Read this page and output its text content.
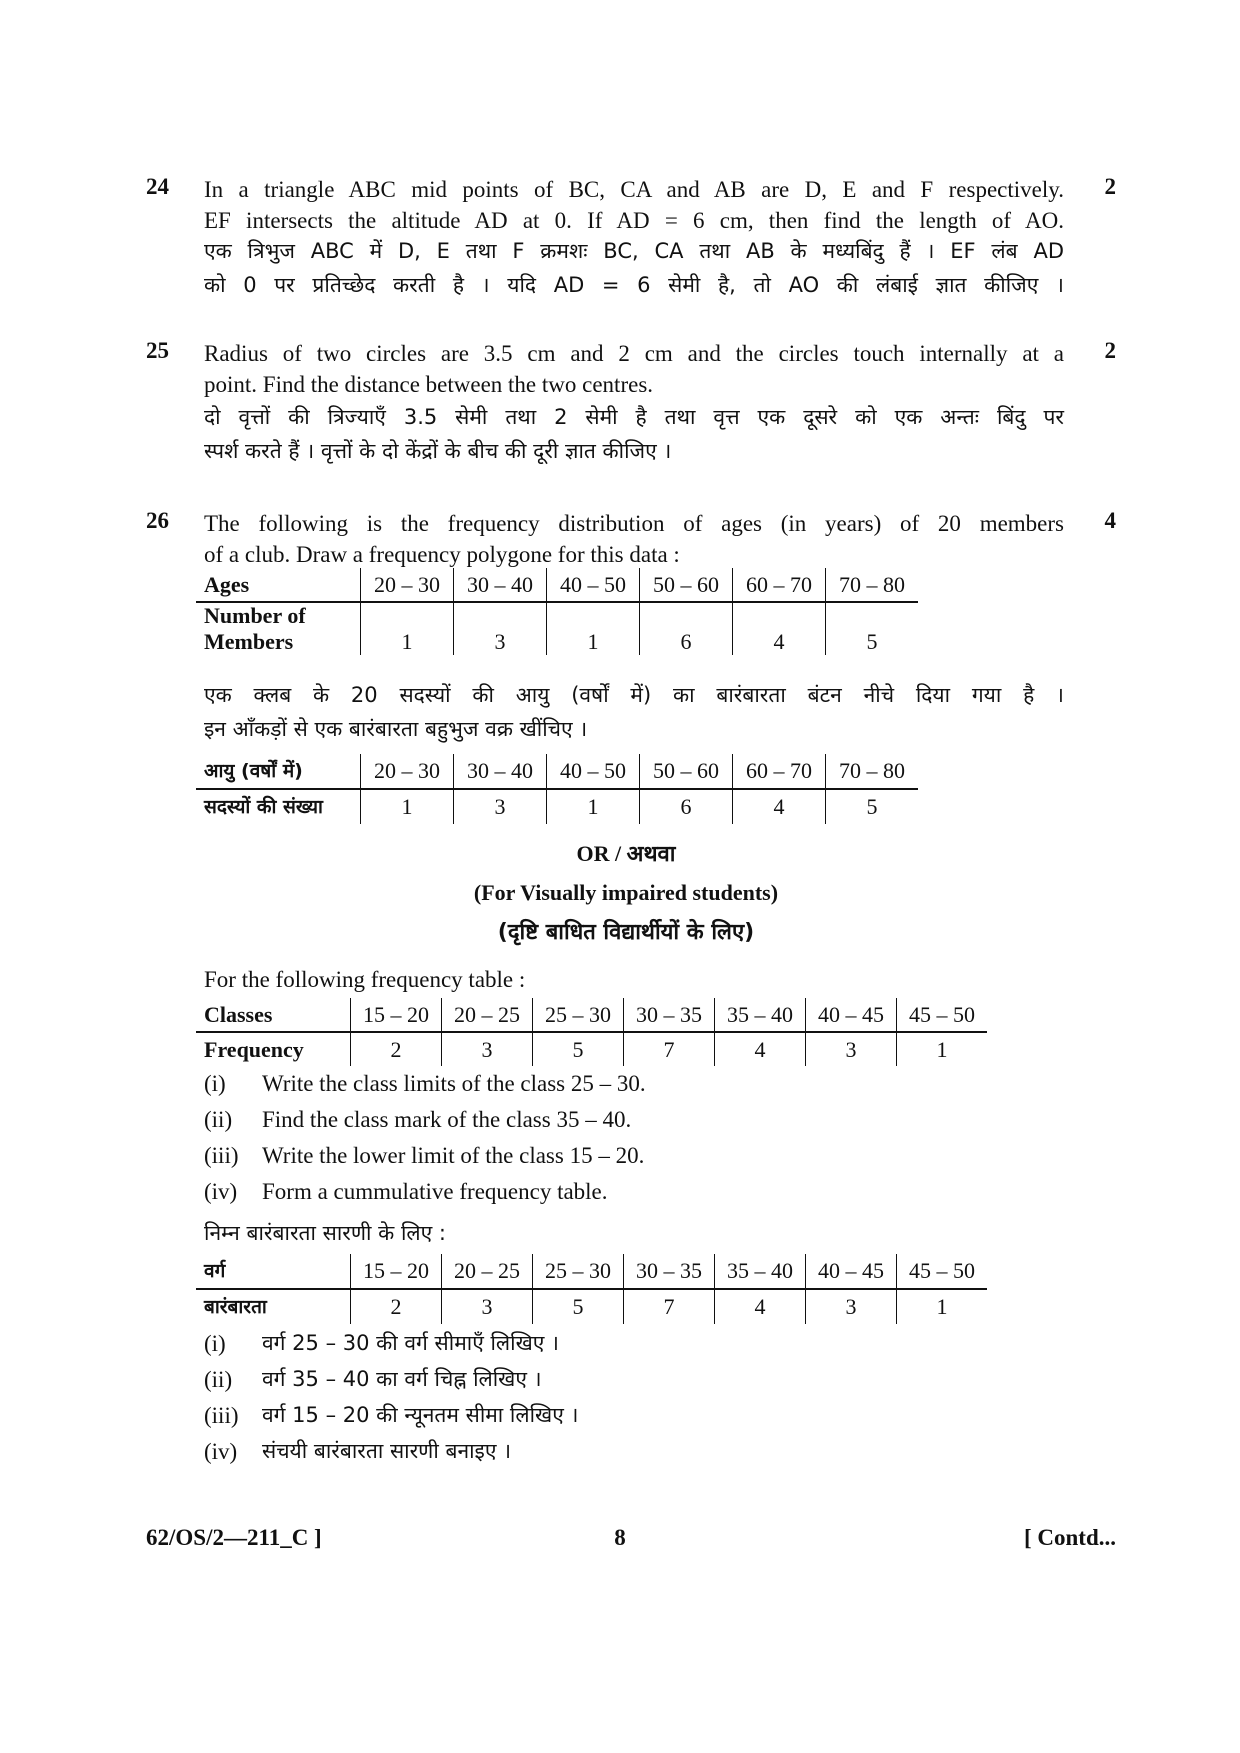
24	2
In a triangle ABC mid points of BC, CA and AB are D, E and F respectively.
EF intersects the altitude AD at 0. If AD = 6 cm, then find the length of AO.
एक त्रिभुज ABC में D, E तथा F क्रमशः BC, CA तथा AB के मध्यबिंदु हैं । EF लंब AD
को 0 पर प्रतिच्छेद करती है । यदि AD = 6 सेमी है, तो AO की लंबाई ज्ञात कीजिए ।
25	2
Radius of two circles are 3.5 cm and 2 cm and the circles touch internally at a
point. Find the distance between the two centres.
दो वृत्तों की त्रिज्याएँ 3.5 सेमी तथा 2 सेमी है तथा वृत्त एक दूसरे को एक अन्तः बिंदु पर
स्पर्श करते हैं । वृत्तों के दो केंद्रों के बीच की दूरी ज्ञात कीजिए ।
26	4
The following is the frequency distribution of ages (in years) of 20 members
of a club. Draw a frequency polygone for this data :
Ages	20 – 30	30 – 40	40 – 50	50 – 60	60 – 70	70 – 80
Number of
Members	1	3	1	6	4	5
एक क्लब के 20 सदस्यों की आयु (वर्षों में) का बारंबारता बंटन नीचे दिया गया है ।
इन आँकड़ों से एक बारंबारता बहुभुज वक्र खींचिए ।
आयु (वर्षों में)	20 – 30	30 – 40	40 – 50	50 – 60	60 – 70	70 – 80
सदस्यों की संख्या	1	3	1	6	4	5
OR / अथवा
(For Visually impaired students)
(दृष्टि बाधित विद्यार्थीयों के लिए)
For the following frequency table :
Classes	15 – 20	20 – 25	25 – 30	30 – 35	35 – 40	40 – 45	45 – 50
Frequency	2	3	5	7	4	3	1
(i)	Write the class limits of the class 25 – 30.
(ii)	Find the class mark of the class 35 – 40.
(iii)	Write the lower limit of the class 15 – 20.
(iv)	Form a cummulative frequency table.
निम्न बारंबारता सारणी के लिए :
वर्ग	15 – 20	20 – 25	25 – 30	30 – 35	35 – 40	40 – 45	45 – 50
बारंबारता	2	3	5	7	4	3	1
(i)	वर्ग 25 – 30 की वर्ग सीमाएँ लिखिए ।
(ii)	वर्ग 35 – 40 का वर्ग चिह्न लिखिए ।
(iii)	वर्ग 15 – 20 की न्यूनतम सीमा लिखिए ।
(iv)	संचयी बारंबारता सारणी बनाइए ।
62/OS/2—211_C ]	8	[ Contd...
